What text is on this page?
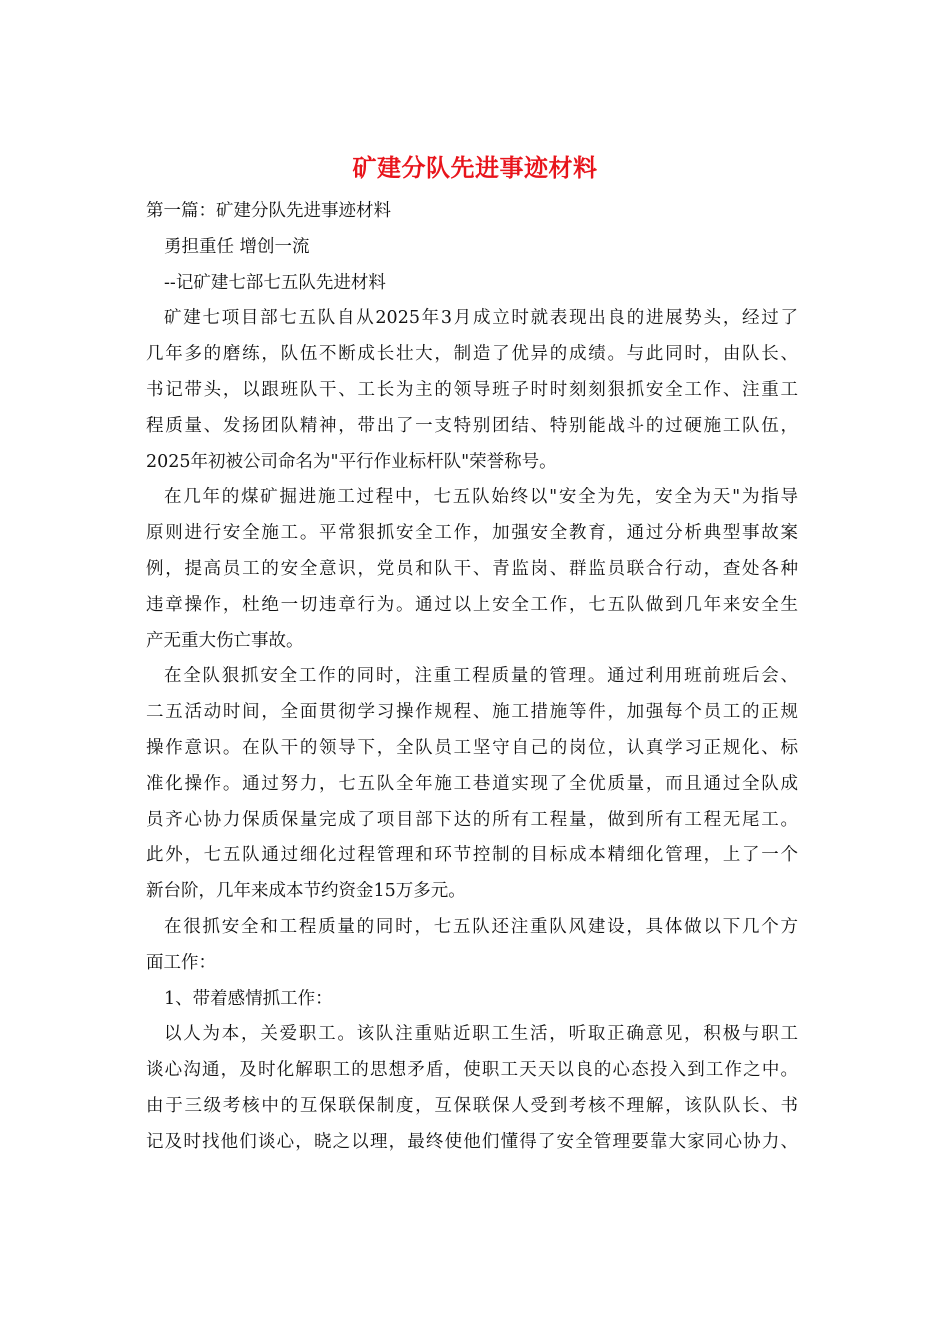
矿建分队先进事迹材料
第一篇：矿建分队先进事迹材料
勇担重任 增创一流
--记矿建七部七五队先进材料
矿建七项目部七五队自从2025年3月成立时就表现出良的进展势头，经过了
几年多的磨练，队伍不断成长壮大，制造了优异的成绩。与此同时，由队长、
书记带头，以跟班队干、工长为主的领导班子时时刻刻狠抓安全工作、注重工
程质量、发扬团队精神，带出了一支特别团结、特别能战斗的过硬施工队伍，
2025年初被公司命名为"平行作业标杆队"荣誉称号。
在几年的煤矿掘进施工过程中，七五队始终以"安全为先，安全为天"为指导
原则进行安全施工。平常狠抓安全工作，加强安全教育，通过分析典型事故案
例，提高员工的安全意识，党员和队干、青监岗、群监员联合行动，查处各种
违章操作，杜绝一切违章行为。通过以上安全工作，七五队做到几年来安全生
产无重大伤亡事故。
在全队狠抓安全工作的同时，注重工程质量的管理。通过利用班前班后会、
二五活动时间，全面贯彻学习操作规程、施工措施等件，加强每个员工的正规
操作意识。在队干的领导下，全队员工坚守自己的岗位，认真学习正规化、标
准化操作。通过努力，七五队全年施工巷道实现了全优质量，而且通过全队成
员齐心协力保质保量完成了项目部下达的所有工程量，做到所有工程无尾工。
此外，七五队通过细化过程管理和环节控制的目标成本精细化管理，上了一个
新台阶，几年来成本节约资金15万多元。
在很抓安全和工程质量的同时，七五队还注重队风建设，具体做以下几个方
面工作：
1、带着感情抓工作：
以人为本，关爱职工。该队注重贴近职工生活，听取正确意见，积极与职工
谈心沟通，及时化解职工的思想矛盾，使职工天天以良的心态投入到工作之中。
由于三级考核中的互保联保制度，互保联保人受到考核不理解，该队队长、书
记及时找他们谈心，晓之以理，最终使他们懂得了安全管理要靠大家同心协力、
